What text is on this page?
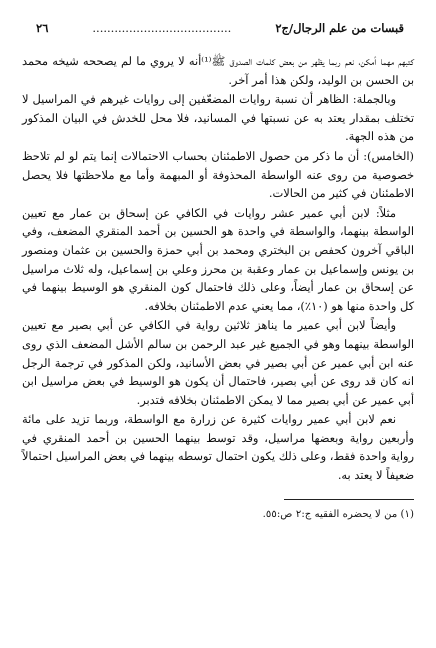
قبسات من علم الرجال/ج٢
......................................
٢٦

كتبهم مهما أمكن، نعم ربما يظهر من بعض كلمات الصدوق ﷺ⁽¹⁾أنه لا يروي ما لم يصححه شيخه محمد بن الحسن بن الوليد، ولكن هذا أمر آخر.

وبالجملة: الظاهر أن نسبة روايات المضعّفين إلى روايات غيرهم في المراسيل لا تختلف بمقدار يعتد به عن نسبتها في المسانيد، فلا محل للخدش في البيان المذكور من هذه الجهة.

(الخامس): أن ما ذكر من حصول الاطمئنان بحساب الاحتمالات إنما يتم لو لم تلاحظ خصوصية من روى عنه الواسطة المحذوفة أو المبهمة وأما مع ملاحظتها فلا يحصل الاطمئنان في كثير من الحالات.

مثلاً: لابن أبي عمير عشر روايات في الكافي عن إسحاق بن عمار مع تعيين الواسطة بينهما، والواسطة في واحدة هو الحسين بن أحمد المنقري المضعف، وفي الباقي آخرون كحفص بن البختري ومحمد بن أبي حمزة والحسين بن عثمان ومنصور بن يونس وإسماعيل بن عمار وعقبة بن محرز وعلي بن إسماعيل، وله ثلاث مراسيل عن إسحاق بن عمار أيضاً، وعلى ذلك فاحتمال كون المنقري هو الوسيط بينهما في كل واحدة منها هو (١٠٪)، مما يعني عدم الاطمئنان بخلافه.

وأيضاً لابن أبي عمير ما يناهز ثلاثين رواية في الكافي عن أبي بصير مع تعيين الواسطة بينهما وهو في الجميع غير عبد الرحمن بن سالم الأشل المضعف الذي روى عنه ابن أبي عمير عن أبي بصير في بعض الأسانيد، ولكن المذكور في ترجمة الرجل انه كان قد روى عن أبي بصير، فاحتمال أن يكون هو الوسيط في بعض مراسيل ابن أبي عمير عن أبي بصير مما لا يمكن الاطمئنان بخلافه فتدبر.

نعم لابن أبي عمير روايات كثيرة عن زرارة مع الواسطة، وربما تزيد على مائة وأربعين رواية وبعضها مراسيل، وقد توسط بينهما الحسين بن أحمد المنقري في رواية واحدة فقط، وعلى ذلك يكون احتمال توسطه بينهما في بعض المراسيل احتمالاً ضعيفاً لا يعتد به.

(١) من لا يحضره الفقيه ج:٢ ص:٥٥.
